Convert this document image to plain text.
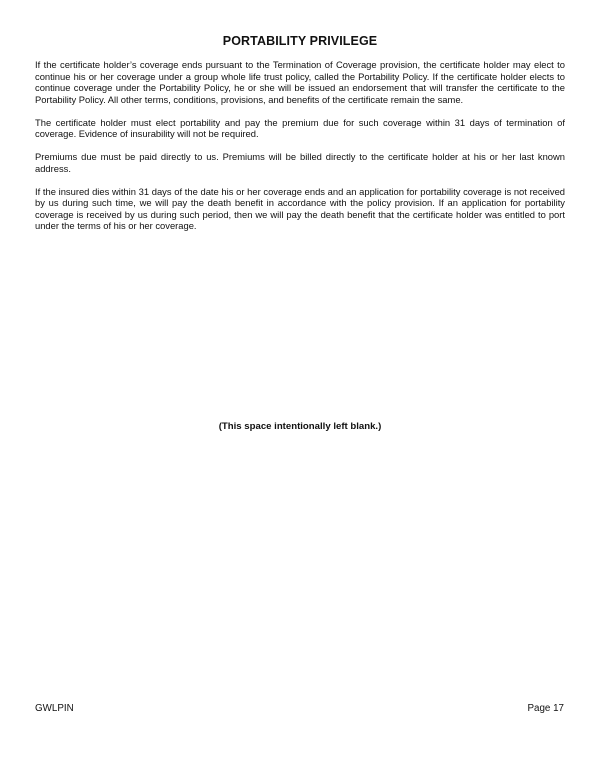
PORTABILITY PRIVILEGE

If the certificate holder’s coverage ends pursuant to the Termination of Coverage provision, the certificate holder may elect to continue his or her coverage under a group whole life trust policy, called the Portability Policy. If the certificate holder elects to continue coverage under the Portability Policy, he or she will be issued an endorsement that will transfer the certificate to the Portability Policy. All other terms, conditions, provisions, and benefits of the certificate remain the same.

The certificate holder must elect portability and pay the premium due for such coverage within 31 days of termination of coverage. Evidence of insurability will not be required.

Premiums due must be paid directly to us. Premiums will be billed directly to the certificate holder at his or her last known address.

If the insured dies within 31 days of the date his or her coverage ends and an application for portability coverage is not received by us during such time, we will pay the death benefit in accordance with the policy provision. If an application for portability coverage is received by us during such period, then we will pay the death benefit that the certificate holder was entitled to port under the terms of his or her coverage.

(This space intentionally left blank.)

GWLPIN	Page 17
